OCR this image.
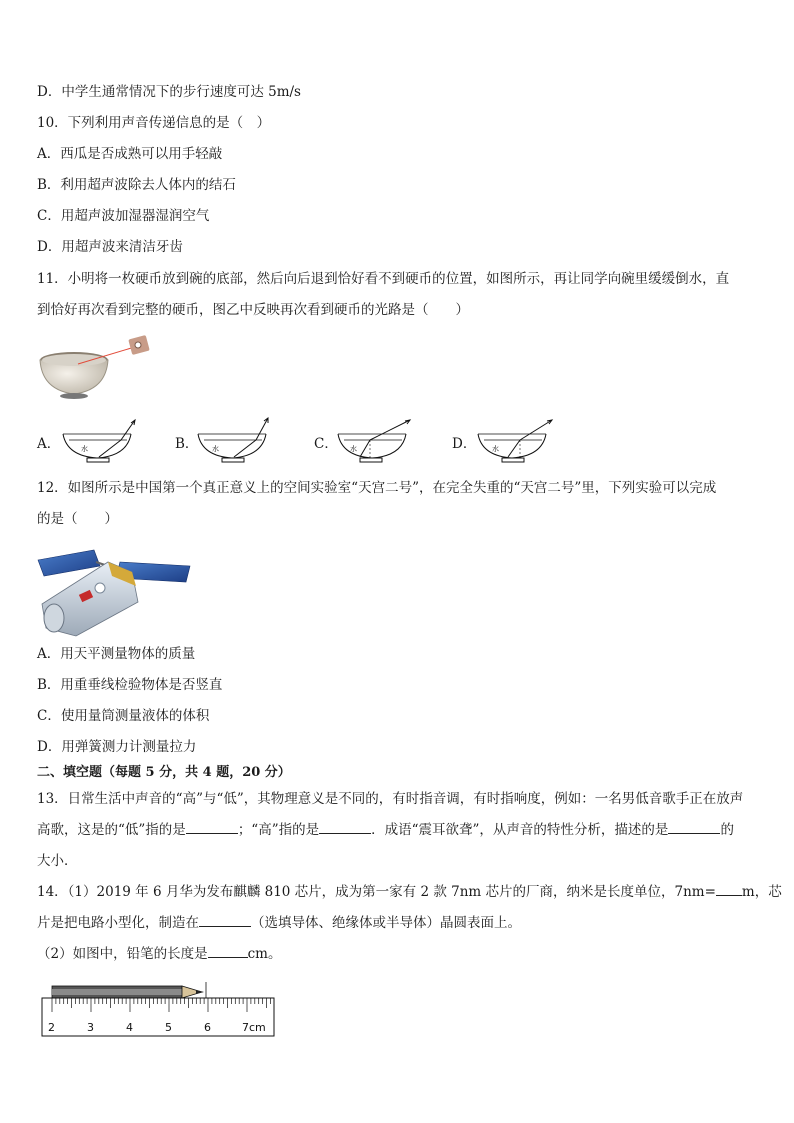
D．中学生通常情况下的步行速度可达 5m/s
10．下列利用声音传递信息的是（　）
A．西瓜是否成熟可以用手轻敲
B．利用超声波除去人体内的结石
C．用超声波加湿器湿润空气
D．用超声波来清洁牙齿
11．小明将一枚硬币放到碗的底部，然后向后退到恰好看不到硬币的位置，如图所示，再让同学向碗里缓缓倒水，直
到恰好再次看到完整的硬币，图乙中反映再次看到硬币的光路是（　　）
A．	水	B． 水	C． 水	D． 水
12．如图所示是中国第一个真正意义上的空间实验室“天宫二号”，在完全失重的“天宫二号”里，下列实验可以完成
的是（　　）
A．用天平测量物体的质量
B．用重垂线检验物体是否竖直
C．使用量筒测量液体的体积
D．用弹簧测力计测量拉力
二、填空题（每题 5 分，共 4 题，20 分）
13．日常生活中声音的“高”与“低”，其物理意义是不同的，有时指音调，有时指响度，例如：一名男低音歌手正在放声
高歌，这是的“低”指的是	；“高”指的是	．成语“震耳欲聋”，从声音的特性分析，描述的是	的
大小．
14．（1）2019 年 6 月华为发布麒麟 810 芯片，成为第一家有 2 款 7nm 芯片的厂商，纳米是长度单位，7nm= m，芯
片是把电路小型化，制造在	（选填导体、绝缘体或半导体）晶圆表面上。
（2）如图中，铅笔的长度是	cm。
2	3	4	5	6	7cm
